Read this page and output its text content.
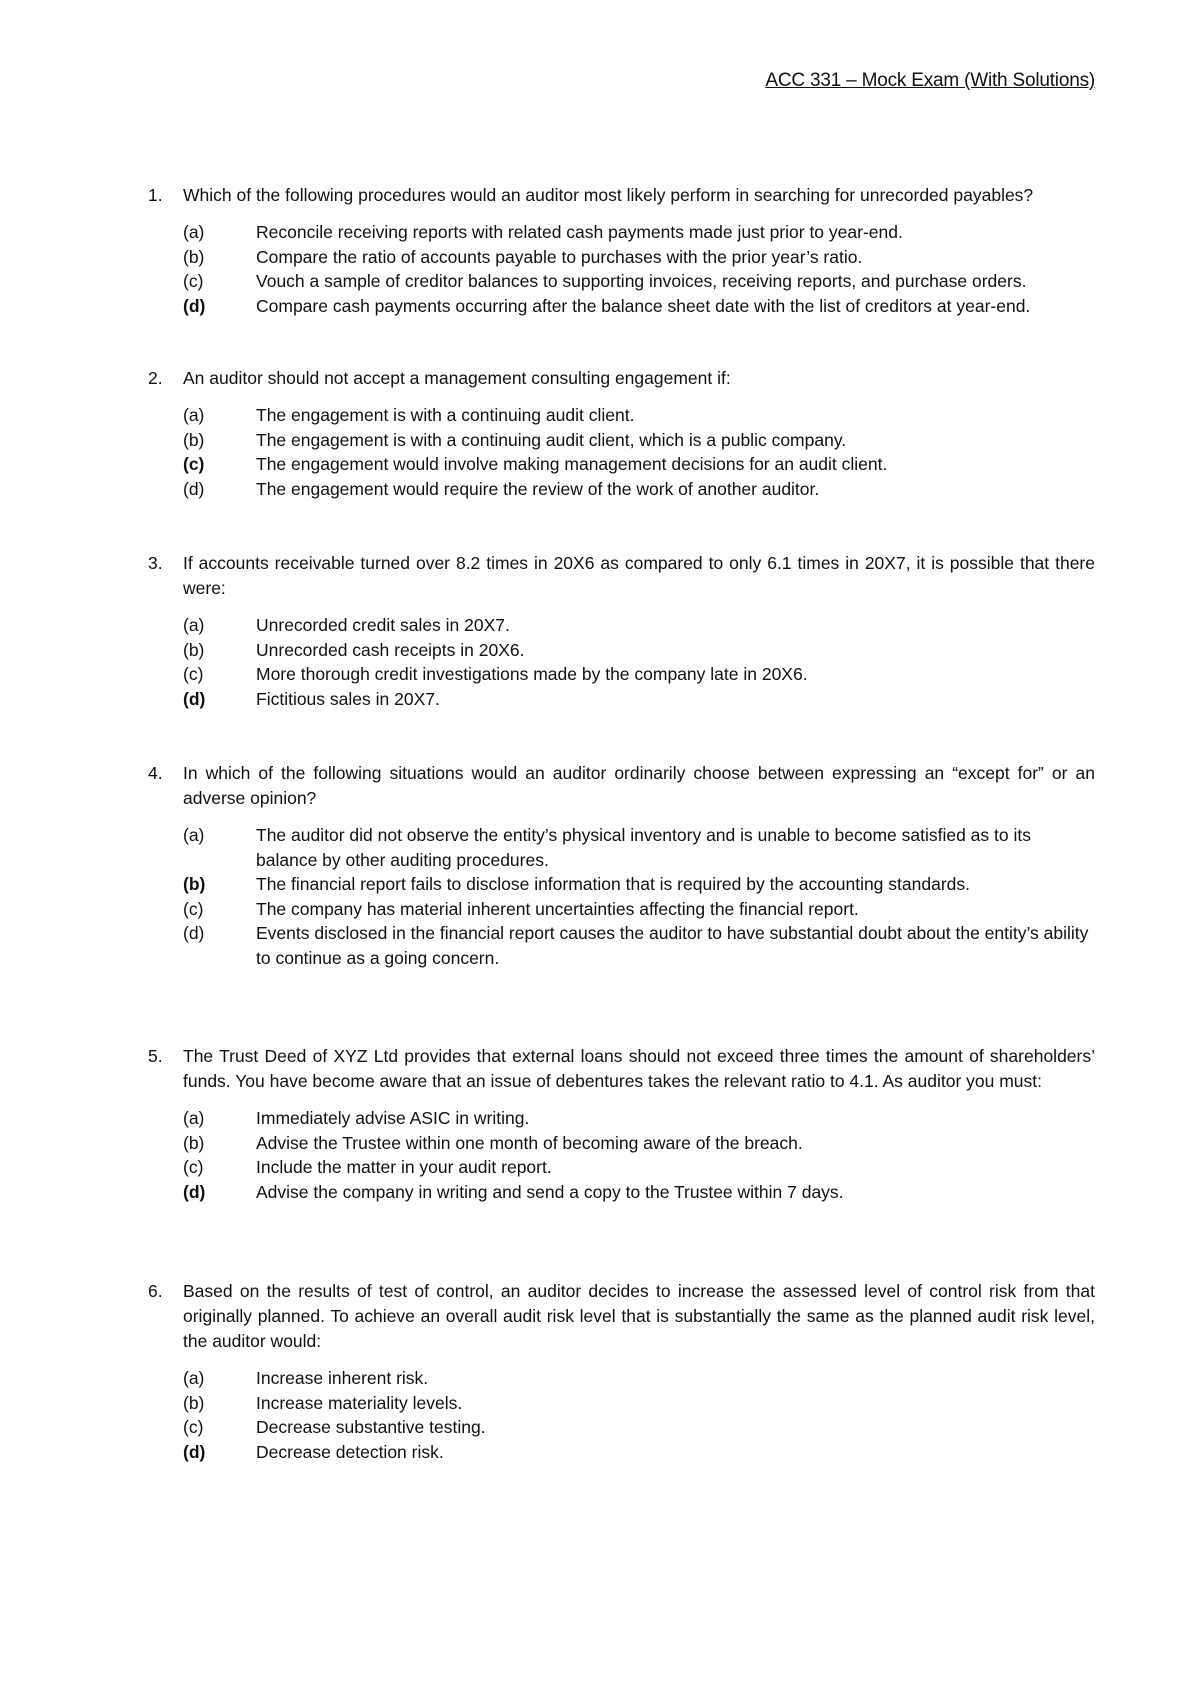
ACC 331 – Mock Exam (With Solutions)
1.	Which of the following procedures would an auditor most likely perform in searching for unrecorded payables?
(a)	Reconcile receiving reports with related cash payments made just prior to year-end.
(b)	Compare the ratio of accounts payable to purchases with the prior year’s ratio.
(c)	Vouch a sample of creditor balances to supporting invoices, receiving reports, and purchase orders.
(d)	Compare cash payments occurring after the balance sheet date with the list of creditors at year-end.
2.	An auditor should not accept a management consulting engagement if:
(a)	The engagement is with a continuing audit client.
(b)	The engagement is with a continuing audit client, which is a public company.
(c)	The engagement would involve making management decisions for an audit client.
(d)	The engagement would require the review of the work of another auditor.
3.	If accounts receivable turned over 8.2 times in 20X6 as compared to only 6.1 times in 20X7, it is possible that there were:
(a)	Unrecorded credit sales in 20X7.
(b)	Unrecorded cash receipts in 20X6.
(c)	More thorough credit investigations made by the company late in 20X6.
(d)	Fictitious sales in 20X7.
4.	In which of the following situations would an auditor ordinarily choose between expressing an “except for” or an adverse opinion?
(a)	The auditor did not observe the entity’s physical inventory and is unable to become satisfied as to its balance by other auditing procedures.
(b)	The financial report fails to disclose information that is required by the accounting standards.
(c)	The company has material inherent uncertainties affecting the financial report.
(d)	Events disclosed in the financial report causes the auditor to have substantial doubt about the entity’s ability to continue as a going concern.
5.	The Trust Deed of XYZ Ltd provides that external loans should not exceed three times the amount of shareholders’ funds. You have become aware that an issue of debentures takes the relevant ratio to 4.1. As auditor you must:
(a)	Immediately advise ASIC in writing.
(b)	Advise the Trustee within one month of becoming aware of the breach.
(c)	Include the matter in your audit report.
(d)	Advise the company in writing and send a copy to the Trustee within 7 days.
6.	Based on the results of test of control, an auditor decides to increase the assessed level of control risk from that originally planned. To achieve an overall audit risk level that is substantially the same as the planned audit risk level, the auditor would:
(a)	Increase inherent risk.
(b)	Increase materiality levels.
(c)	Decrease substantive testing.
(d)	Decrease detection risk.
